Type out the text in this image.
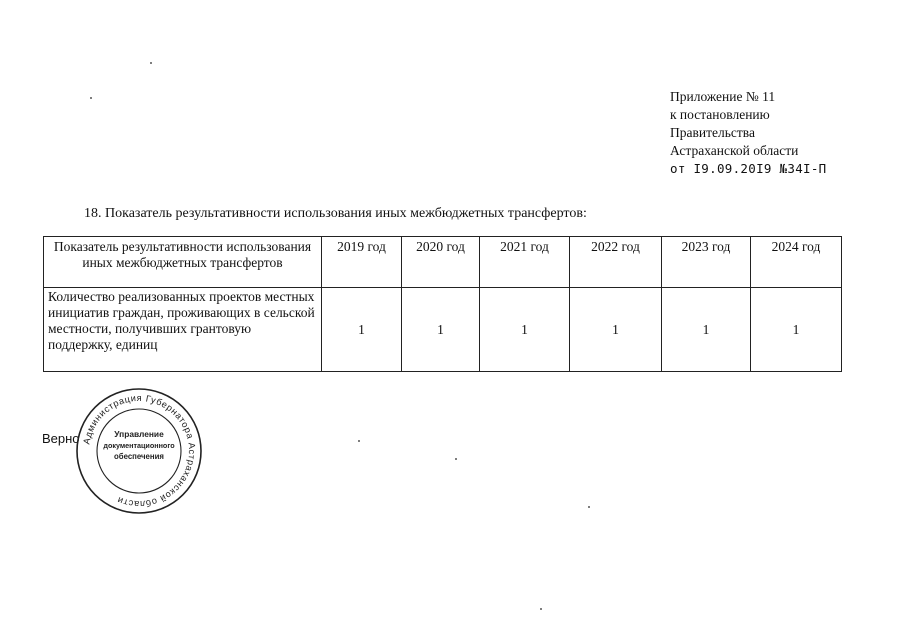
Приложение № 11
к постановлению
Правительства
Астраханской области
от I9.09.20I9 №34I-П
18. Показатель результативности использования иных межбюджетных трансфертов:
Показатель результативности использования иных межбюджетных трансфертов	2019 год	2020 год	2021 год	2022 год	2023 год	2024 год
Количество реализованных проектов местных инициатив граждан, проживающих в сельской местности, получивших грантовую поддержку, единиц	1	1	1	1	1	1
Верно Администрация Губернатора Астраханской области
Управление
документационного
обеспечения
